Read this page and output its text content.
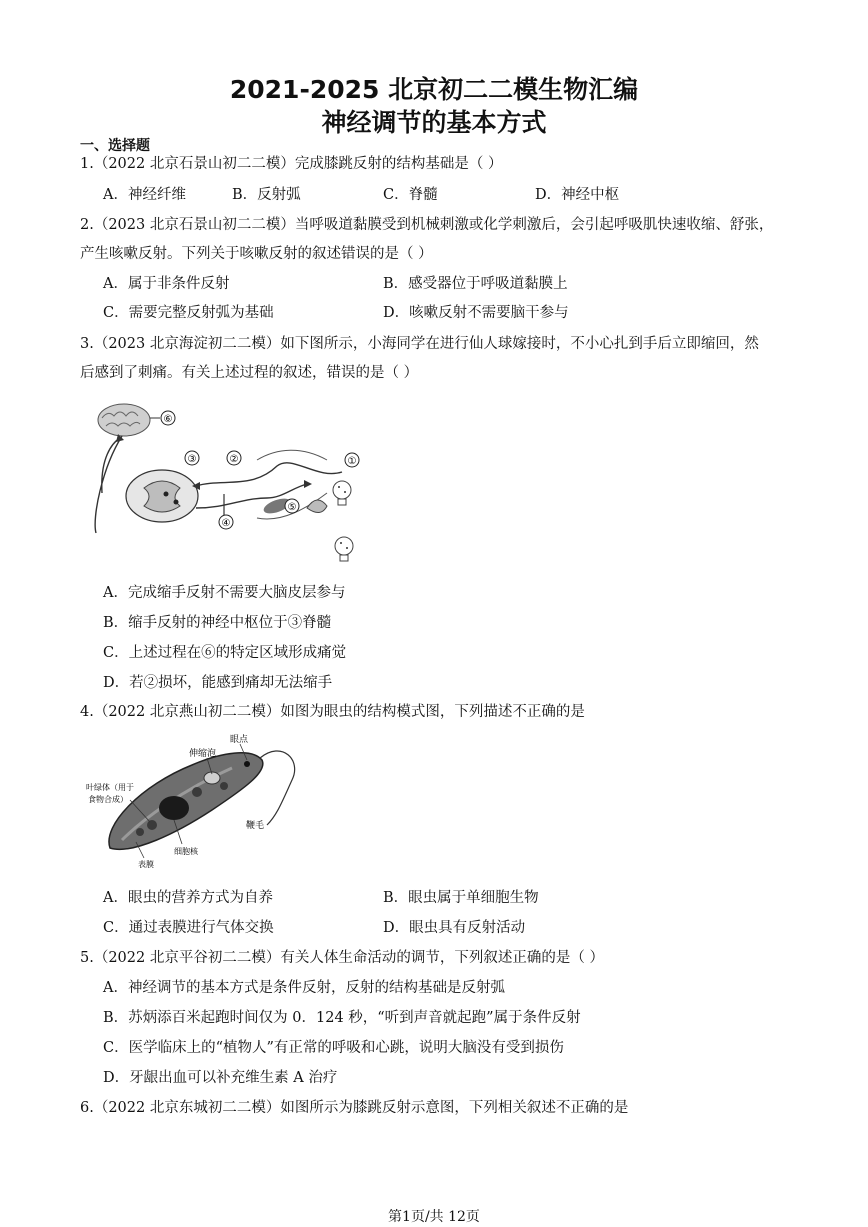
2021-2025 北京初二二模生物汇编
神经调节的基本方式
一、选择题
1.（2022 北京石景山初二二模）完成膝跳反射的结构基础是（ ）
A．神经纤维	B．反射弧	C．脊髓	D．神经中枢
2.（2023 北京石景山初二二模）当呼吸道黏膜受到机械刺激或化学刺激后，会引起呼吸肌快速收缩、舒张，
产生咳嗽反射。下列关于咳嗽反射的叙述错误的是（ ）
A．属于非条件反射	B．感受器位于呼吸道黏膜上
C．需要完整反射弧为基础	D．咳嗽反射不需要脑干参与
3.（2023 北京海淀初二二模）如下图所示，小海同学在进行仙人球嫁接时，不小心扎到手后立即缩回，然
后感到了刺痛。有关上述过程的叙述，错误的是（ ）
⑥
③	②	①
④
⑤
A．完成缩手反射不需要大脑皮层参与
B．缩手反射的神经中枢位于③脊髓
C．上述过程在⑥的特定区域形成痛觉
D．若②损坏，能感到痛却无法缩手
4.（2022 北京燕山初二二模）如图为眼虫的结构模式图，下列描述不正确的是
眼点
伸缩泡
叶绿体（用于
食物合成）
鞭毛
细胞核
表膜
A．眼虫的营养方式为自养	B．眼虫属于单细胞生物
C．通过表膜进行气体交换	D．眼虫具有反射活动
5.（2022 北京平谷初二二模）有关人体生命活动的调节，下列叙述正确的是（ ）
A．神经调节的基本方式是条件反射，反射的结构基础是反射弧
B．苏炳添百米起跑时间仅为 0．124 秒，“听到声音就起跑”属于条件反射
C．医学临床上的“植物人”有正常的呼吸和心跳，说明大脑没有受到损伤
D．牙龈出血可以补充维生素 A 治疗
6.（2022 北京东城初二二模）如图所示为膝跳反射示意图，下列相关叙述不正确的是
第1页/共 12页
